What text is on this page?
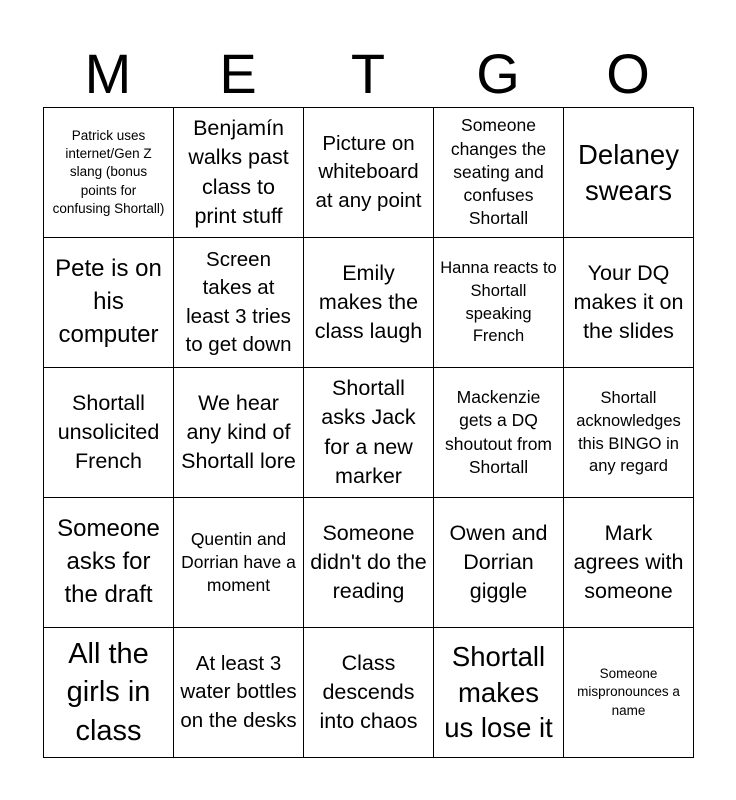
M	E	T	G	O
Patrick uses internet/Gen Z slang (bonus points for confusing Shortall)	Benjamín walks past class to print stuff	Picture on whiteboard at any point	Someone changes the seating and confuses Shortall	Delaney swears
Pete is on his computer	Screen takes at least 3 tries to get down	Emily makes the class laugh	Hanna reacts to Shortall speaking French	Your DQ makes it on the slides
Shortall unsolicited French	We hear any kind of Shortall lore	Shortall asks Jack for a new marker	Mackenzie gets a DQ shoutout from Shortall	Shortall acknowledges this BINGO in any regard
Someone asks for the draft	Quentin and Dorrian have a moment	Someone didn't do the reading	Owen and Dorrian giggle	Mark agrees with someone
All the girls in class	At least 3 water bottles on the desks	Class descends into chaos	Shortall makes us lose it	Someone mispronounces a name
